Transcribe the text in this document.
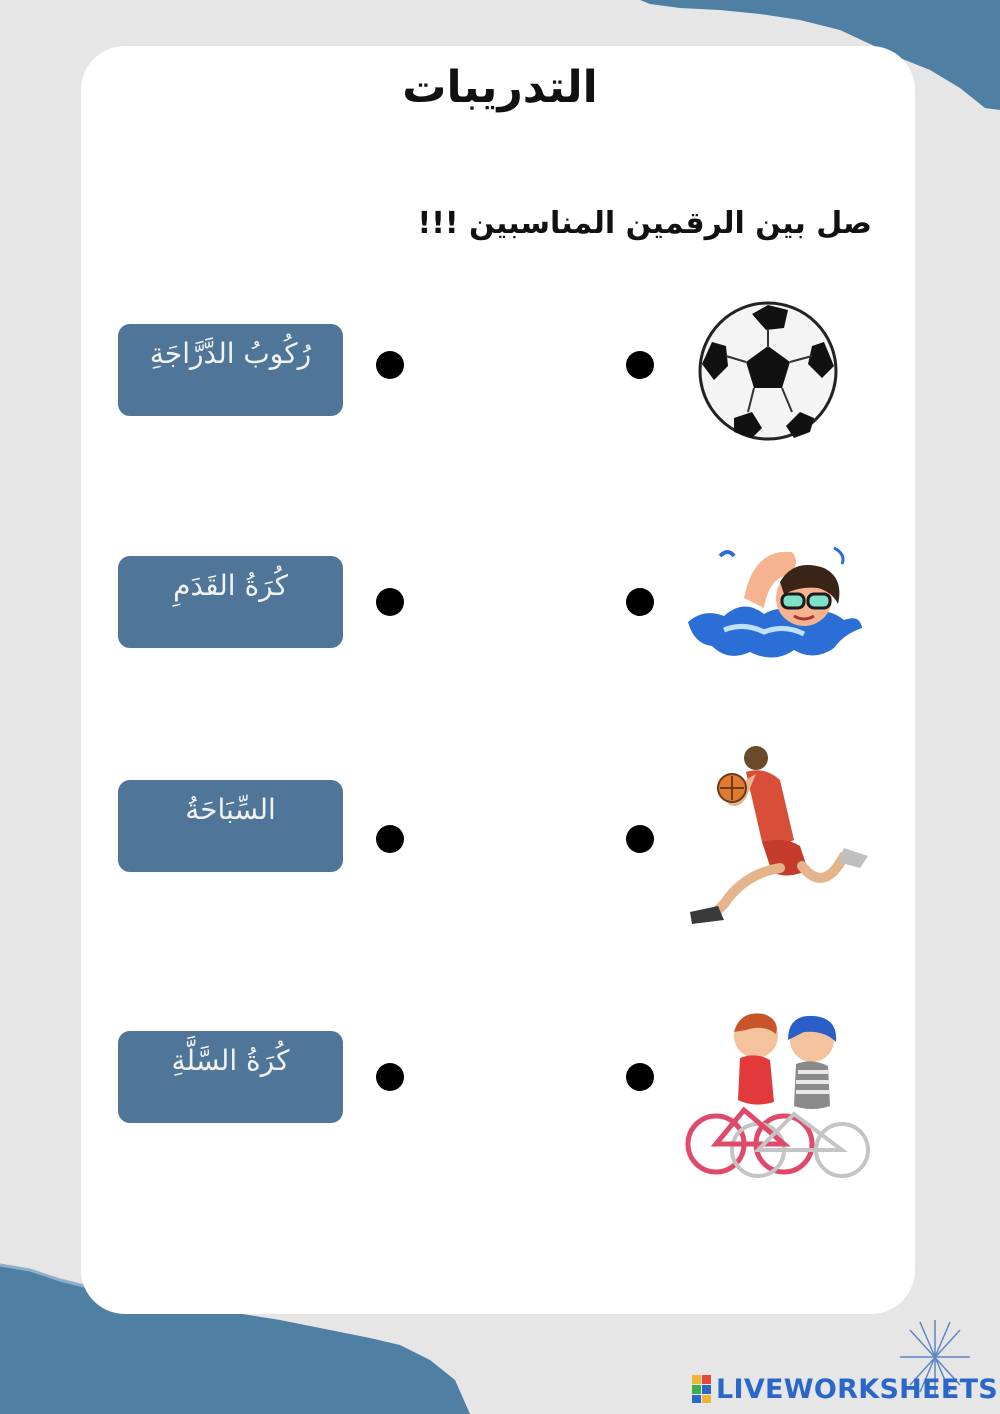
التدريبات
صل بين الرقمين المناسبين !!!
رُكُوبُ الدَّرَّاجَةِ
كُرَةُ القَدَمِ
السِّبَاحَةُ
كُرَةُ السَّلَّةِ
LIVEWORKSHEETS
